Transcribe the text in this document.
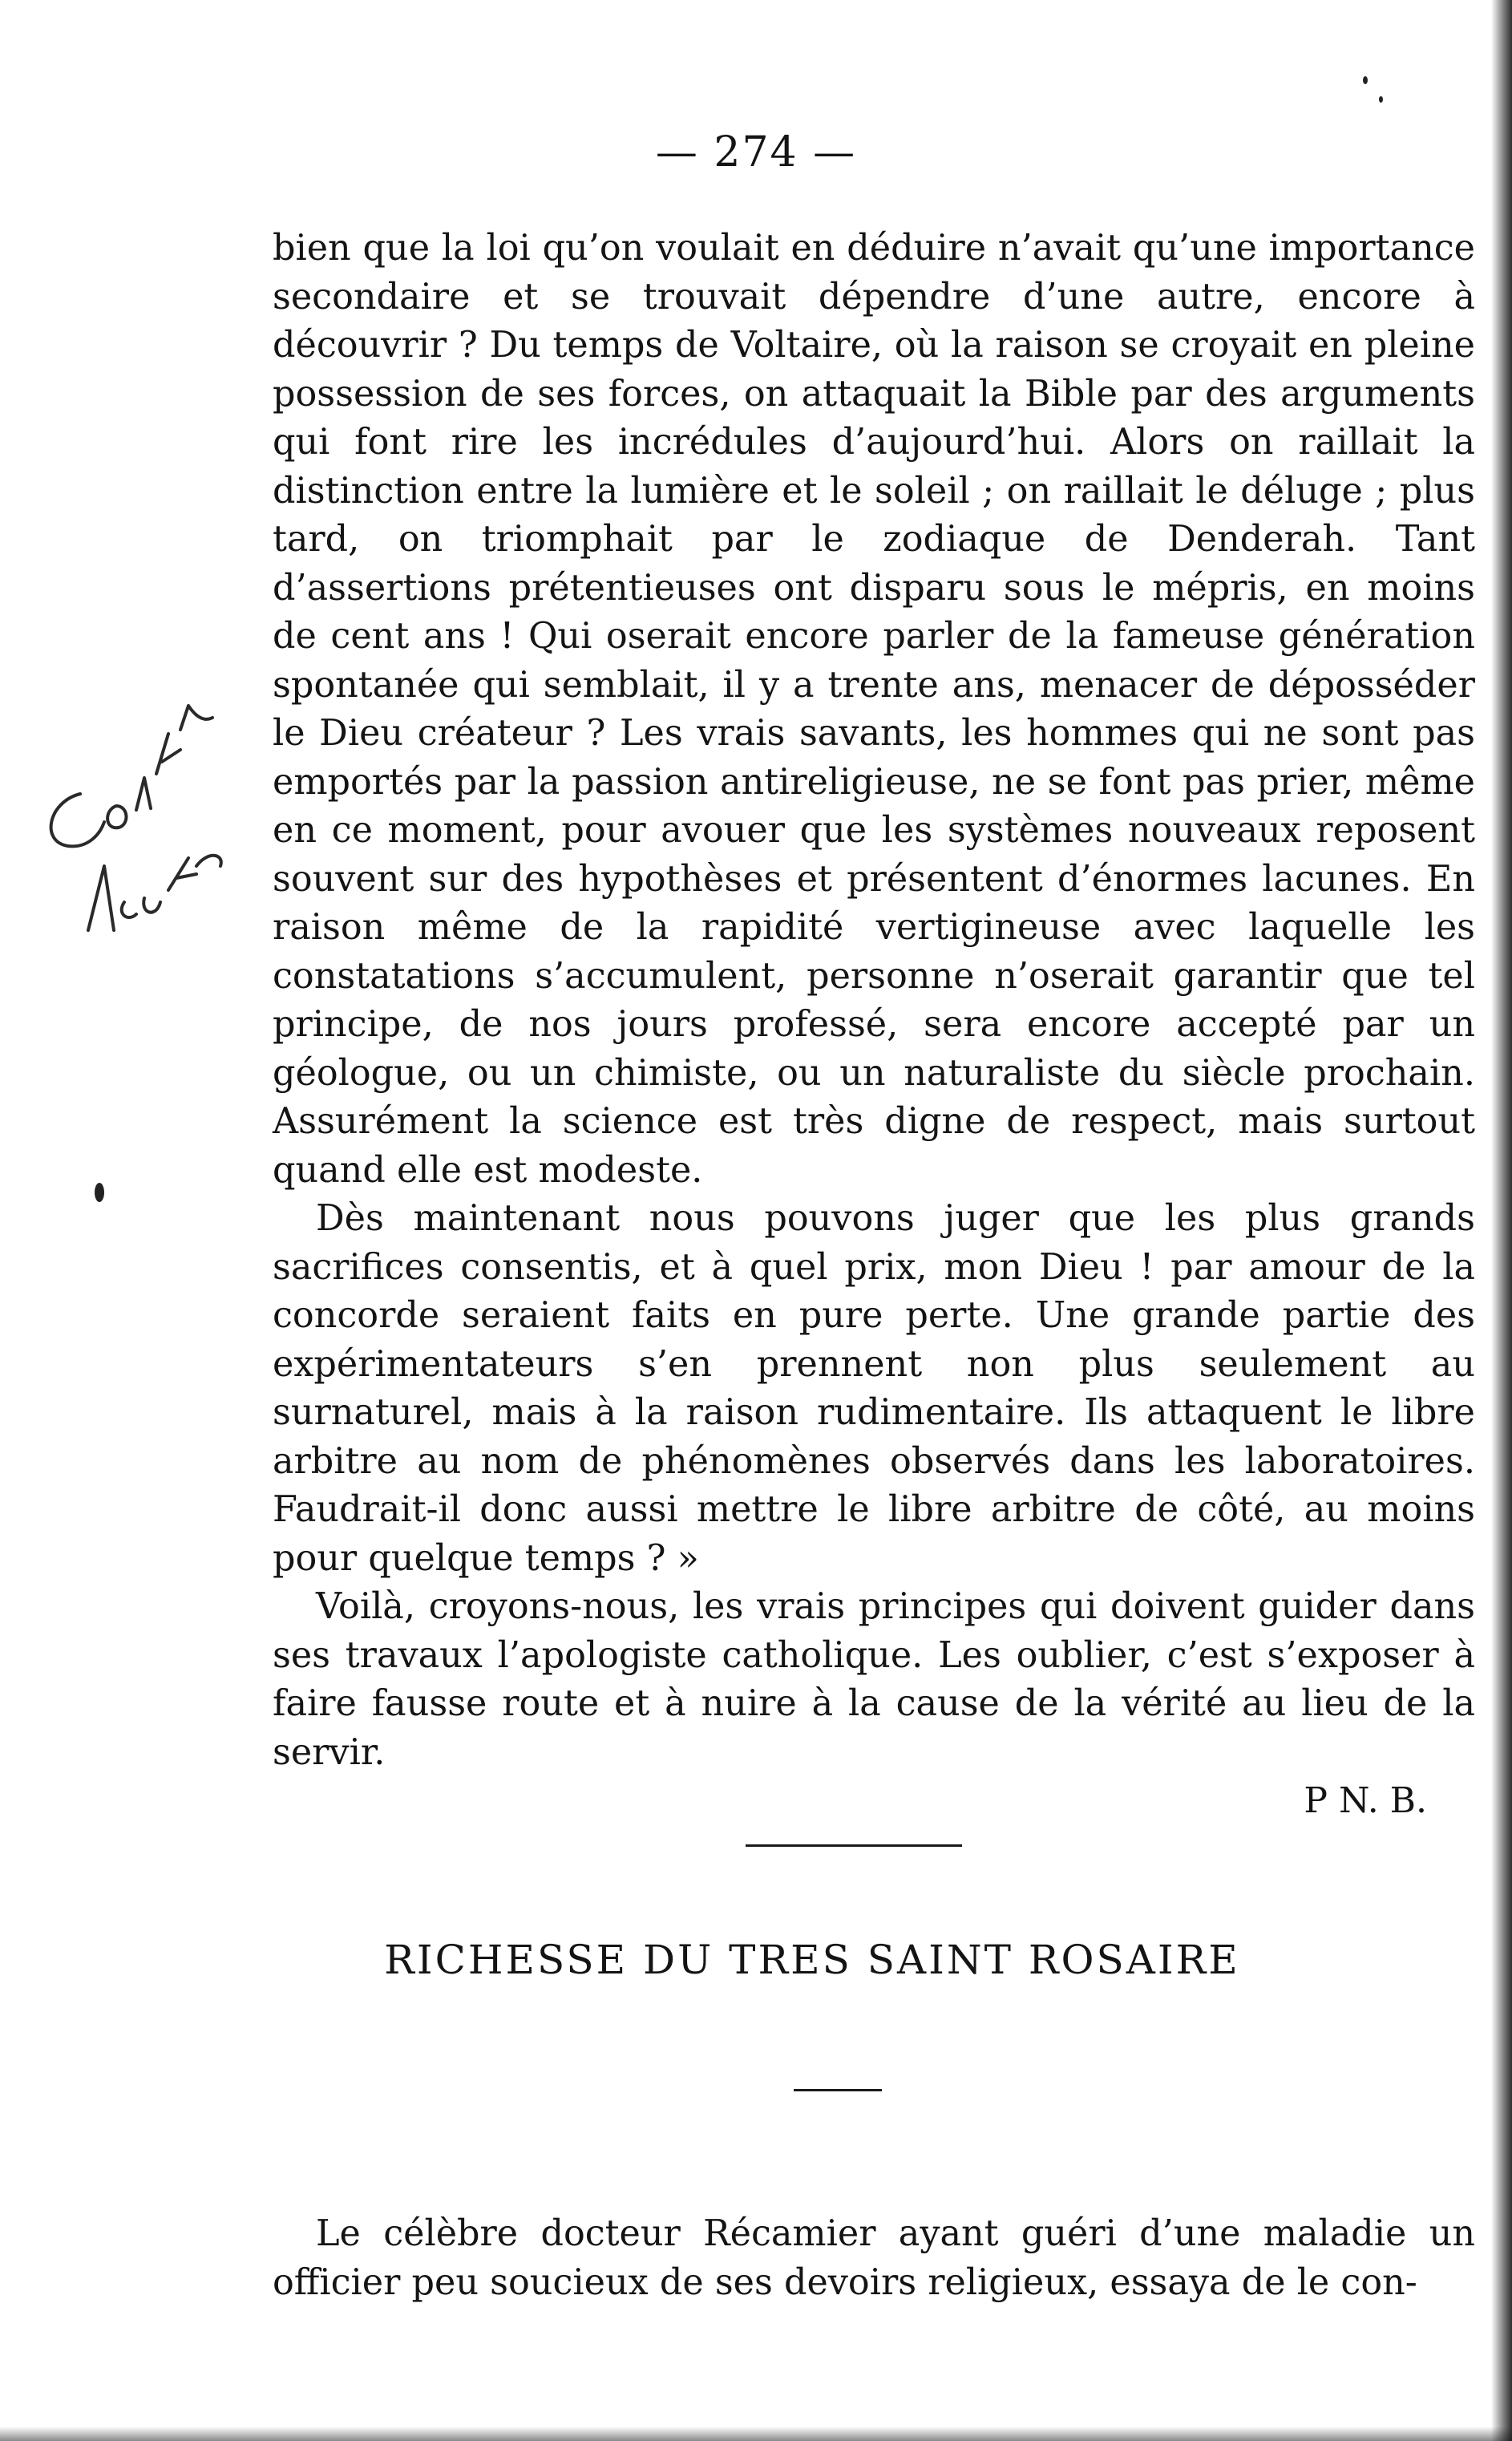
— 274 —

bien que la loi qu’on voulait en déduire n’avait qu’une importance secondaire et se trouvait dépendre d’une autre, encore à découvrir ? Du temps de Voltaire, où la raison se croyait en pleine possession de ses forces, on attaquait la Bible par des arguments qui font rire les incrédules d’aujourd’hui. Alors on raillait la distinction entre la lumière et le soleil ; on raillait le déluge ; plus tard, on triomphait par le zodiaque de Denderah. Tant d’assertions prétentieuses ont disparu sous le mépris, en moins de cent ans ! Qui oserait encore parler de la fameuse génération spontanée qui semblait, il y a trente ans, menacer de déposséder le Dieu créateur ? Les vrais savants, les hommes qui ne sont pas emportés par la passion antireligieuse, ne se font pas prier, même en ce moment, pour avouer que les systèmes nouveaux reposent souvent sur des hypothèses et présentent d’énormes lacunes. En raison même de la rapidité vertigineuse avec laquelle les constatations s’accumulent, personne n’oserait garantir que tel principe, de nos jours professé, sera encore accepté par un géologue, ou un chimiste, ou un naturaliste du siècle prochain. Assurément la science est très digne de respect, mais surtout quand elle est modeste.

Dès maintenant nous pouvons juger que les plus grands sacrifices consentis, et à quel prix, mon Dieu ! par amour de la concorde seraient faits en pure perte. Une grande partie des expérimentateurs s’en prennent non plus seulement au surnaturel, mais à la raison rudimentaire. Ils attaquent le libre arbitre au nom de phénomènes observés dans les laboratoires. Faudrait-il donc aussi mettre le libre arbitre de côté, au moins pour quelque temps ? »

Voilà, croyons-nous, les vrais principes qui doivent guider dans ses travaux l’apologiste catholique. Les oublier, c’est s’exposer à faire fausse route et à nuire à la cause de la vérité au lieu de la servir.

P N. B.

RICHESSE DU TRES SAINT ROSAIRE

Le célèbre docteur Récamier ayant guéri d’une maladie un officier peu soucieux de ses devoirs religieux, essaya de le con-
